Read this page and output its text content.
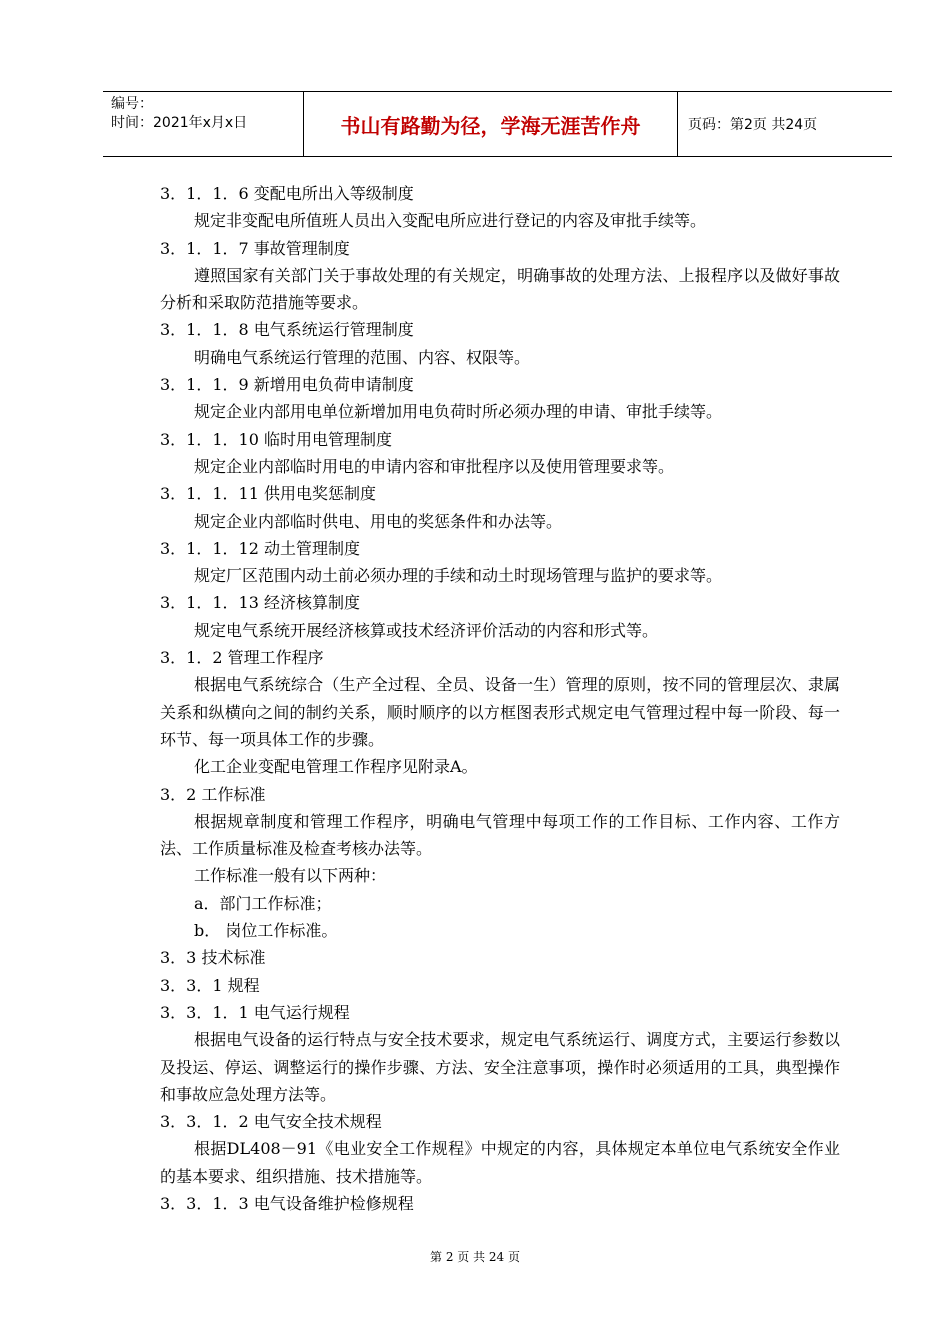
编号：
时间：2021年x月x日	书山有路勤为径，学海无涯苦作舟	页码：第2页 共24页
3．1．1．6 变配电所出入等级制度
规定非变配电所值班人员出入变配电所应进行登记的内容及审批手续等。
3．1．1．7 事故管理制度
遵照国家有关部门关于事故处理的有关规定，明确事故的处理方法、上报程序以及做好事故分析和采取防范措施等要求。
3．1．1．8 电气系统运行管理制度
明确电气系统运行管理的范围、内容、权限等。
3．1．1．9 新增用电负荷申请制度
规定企业内部用电单位新增加用电负荷时所必须办理的申请、审批手续等。
3．1．1．10 临时用电管理制度
规定企业内部临时用电的申请内容和审批程序以及使用管理要求等。
3．1．1．11 供用电奖惩制度
规定企业内部临时供电、用电的奖惩条件和办法等。
3．1．1．12 动土管理制度
规定厂区范围内动土前必须办理的手续和动土时现场管理与监护的要求等。
3．1．1．13 经济核算制度
规定电气系统开展经济核算或技术经济评价活动的内容和形式等。
3．1．2 管理工作程序
根据电气系统综合（生产全过程、全员、设备一生）管理的原则，按不同的管理层次、隶属关系和纵横向之间的制约关系，顺时顺序的以方框图表形式规定电气管理过程中每一阶段、每一环节、每一项具体工作的步骤。
化工企业变配电管理工作程序见附录A。
3．2 工作标准
根据规章制度和管理工作程序，明确电气管理中每项工作的工作目标、工作内容、工作方法、工作质量标准及检查考核办法等。
工作标准一般有以下两种：
a．部门工作标准；
b． 岗位工作标准。
3．3 技术标准
3．3．1 规程
3．3．1．1 电气运行规程
根据电气设备的运行特点与安全技术要求，规定电气系统运行、调度方式，主要运行参数以及投运、停运、调整运行的操作步骤、方法、安全注意事项，操作时必须适用的工具，典型操作和事故应急处理方法等。
3．3．1．2 电气安全技术规程
根据DL408－91《电业安全工作规程》中规定的内容，具体规定本单位电气系统安全作业的基本要求、组织措施、技术措施等。
3．3．1．3 电气设备维护检修规程
第 2 页 共 24 页
